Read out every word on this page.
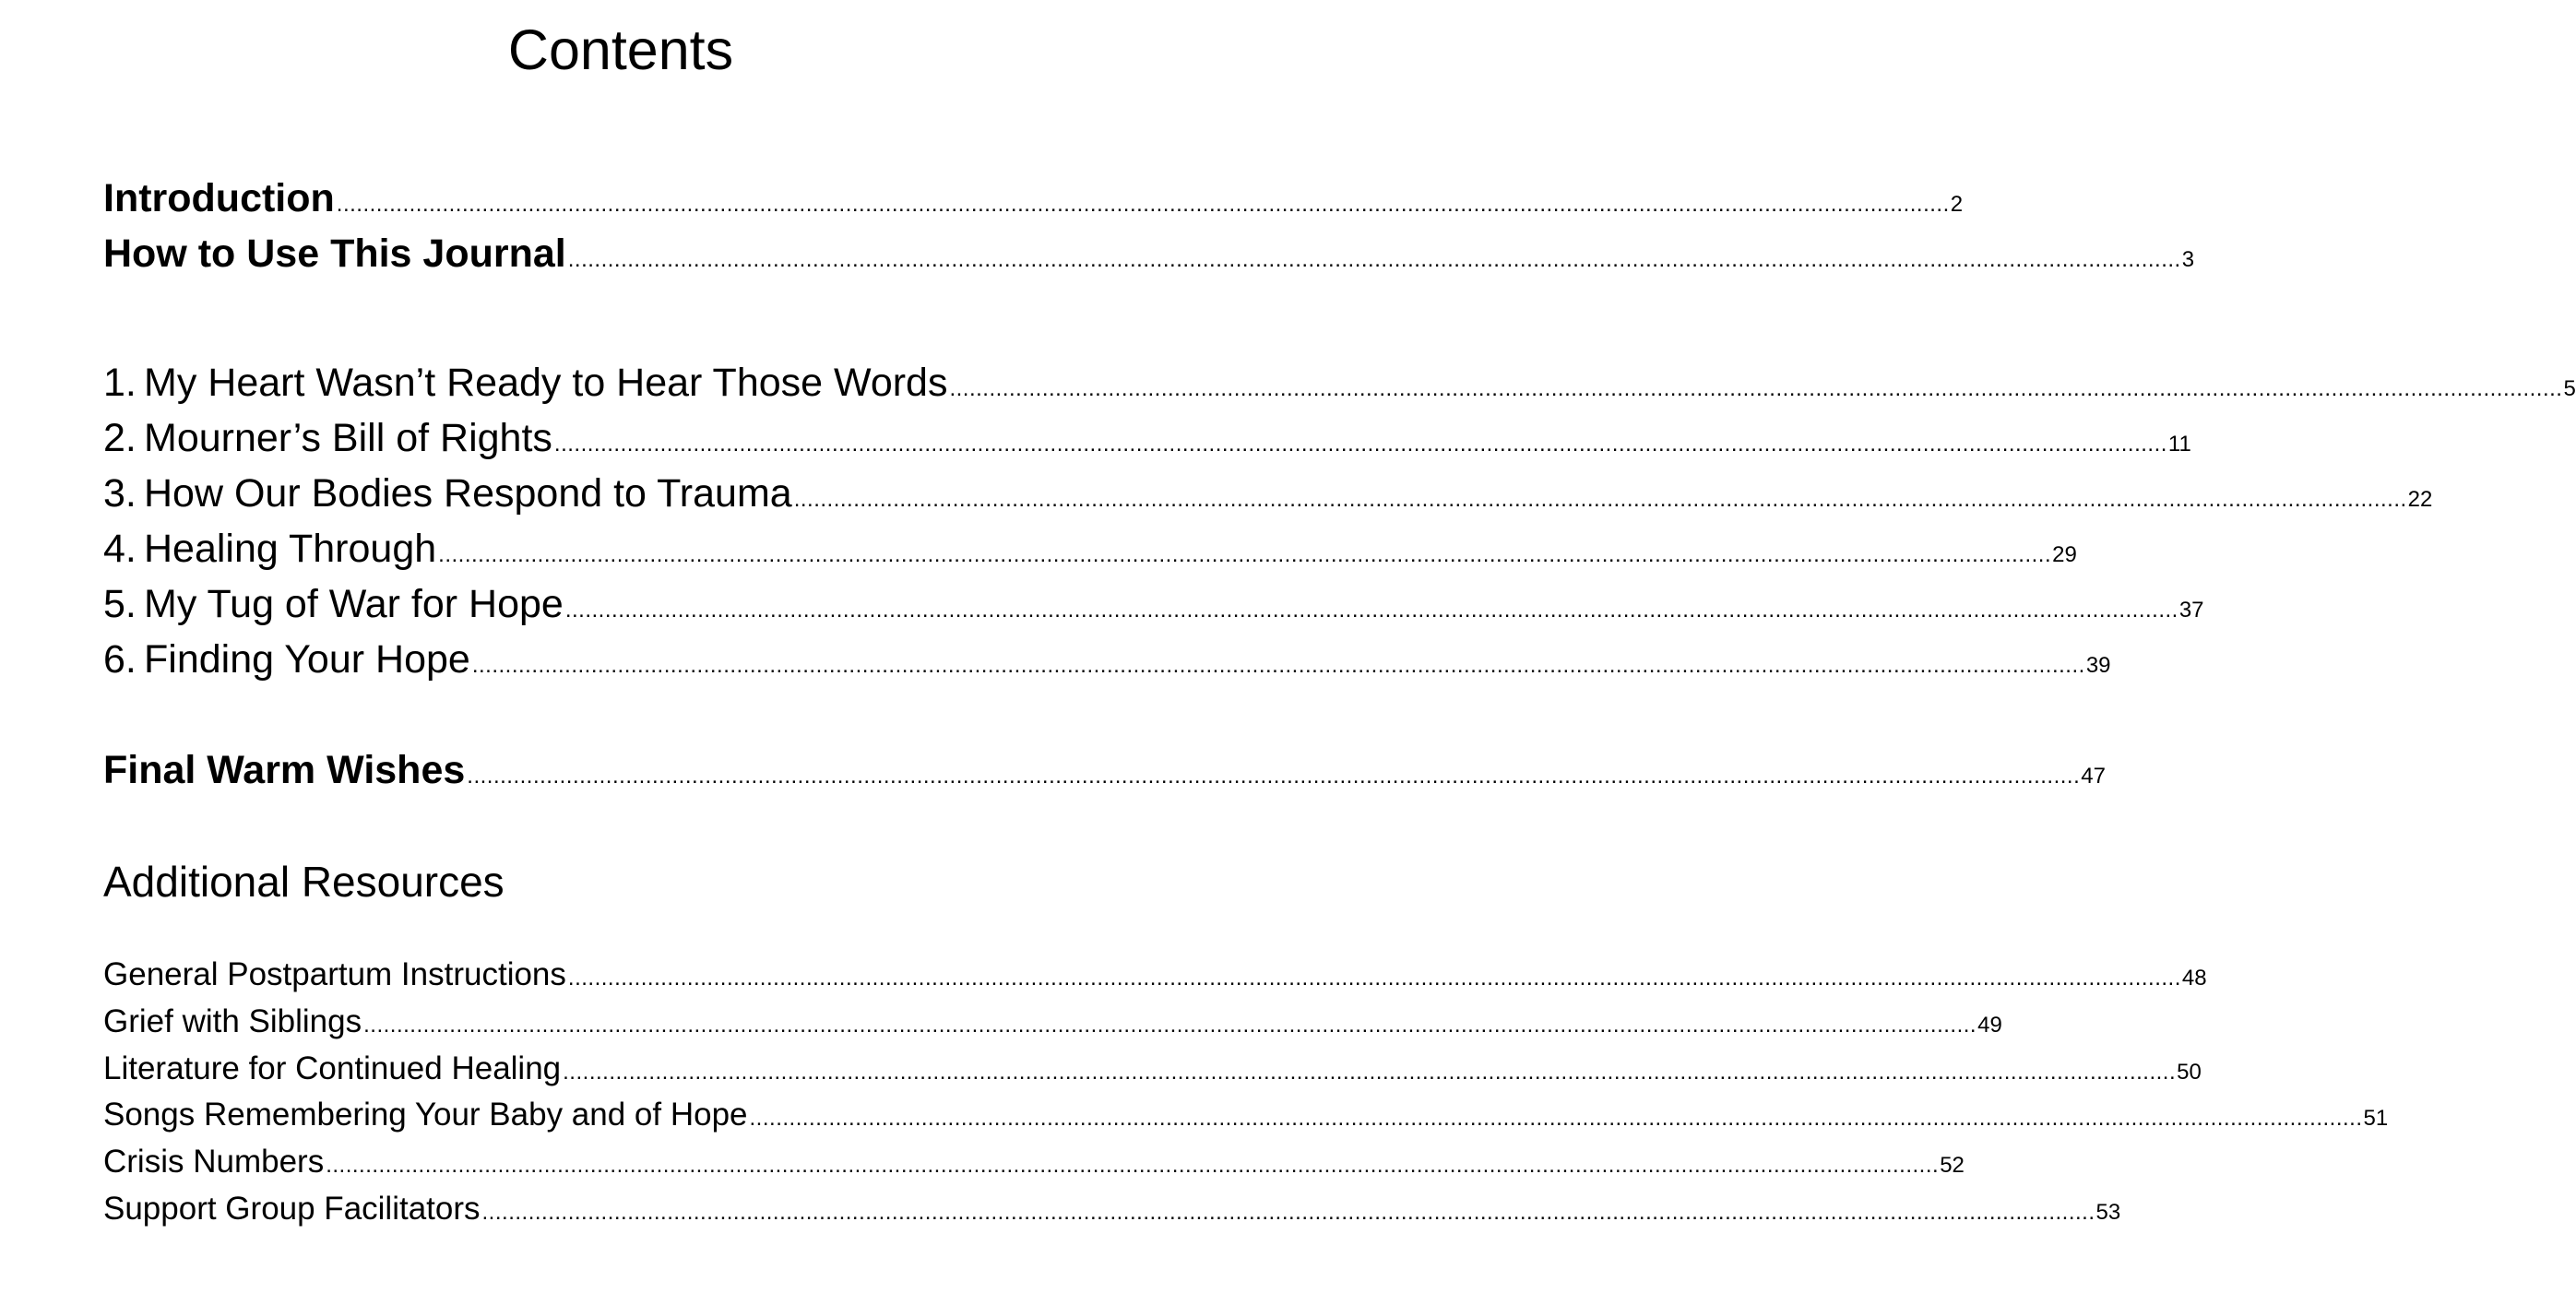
Contents
Introduction .................................................................................................................................................................................................................................................... 2
How to Use This Journal .................................................................................................................................................................................................................................................... 3
1. My Heart Wasn’t Ready to Hear Those Words .................................................................................................................................................................................................................................................... 5
2. Mourner’s Bill of Rights .................................................................................................................................................................................................................................................... 11
3. How Our Bodies Respond to Trauma .................................................................................................................................................................................................................................................... 22
4. Healing Through .................................................................................................................................................................................................................................................... 29
5. My Tug of War for Hope .................................................................................................................................................................................................................................................... 37
6. Finding Your Hope .................................................................................................................................................................................................................................................... 39
Final Warm Wishes .................................................................................................................................................................................................................................................... 47
Additional Resources
General Postpartum Instructions .................................................................................................................................................................................................................................................... 48
Grief with Siblings .................................................................................................................................................................................................................................................... 49
Literature for Continued Healing .................................................................................................................................................................................................................................................... 50
Songs Remembering Your Baby and of Hope .................................................................................................................................................................................................................................................... 51
Crisis Numbers .................................................................................................................................................................................................................................................... 52
Support Group Facilitators .................................................................................................................................................................................................................................................... 53
